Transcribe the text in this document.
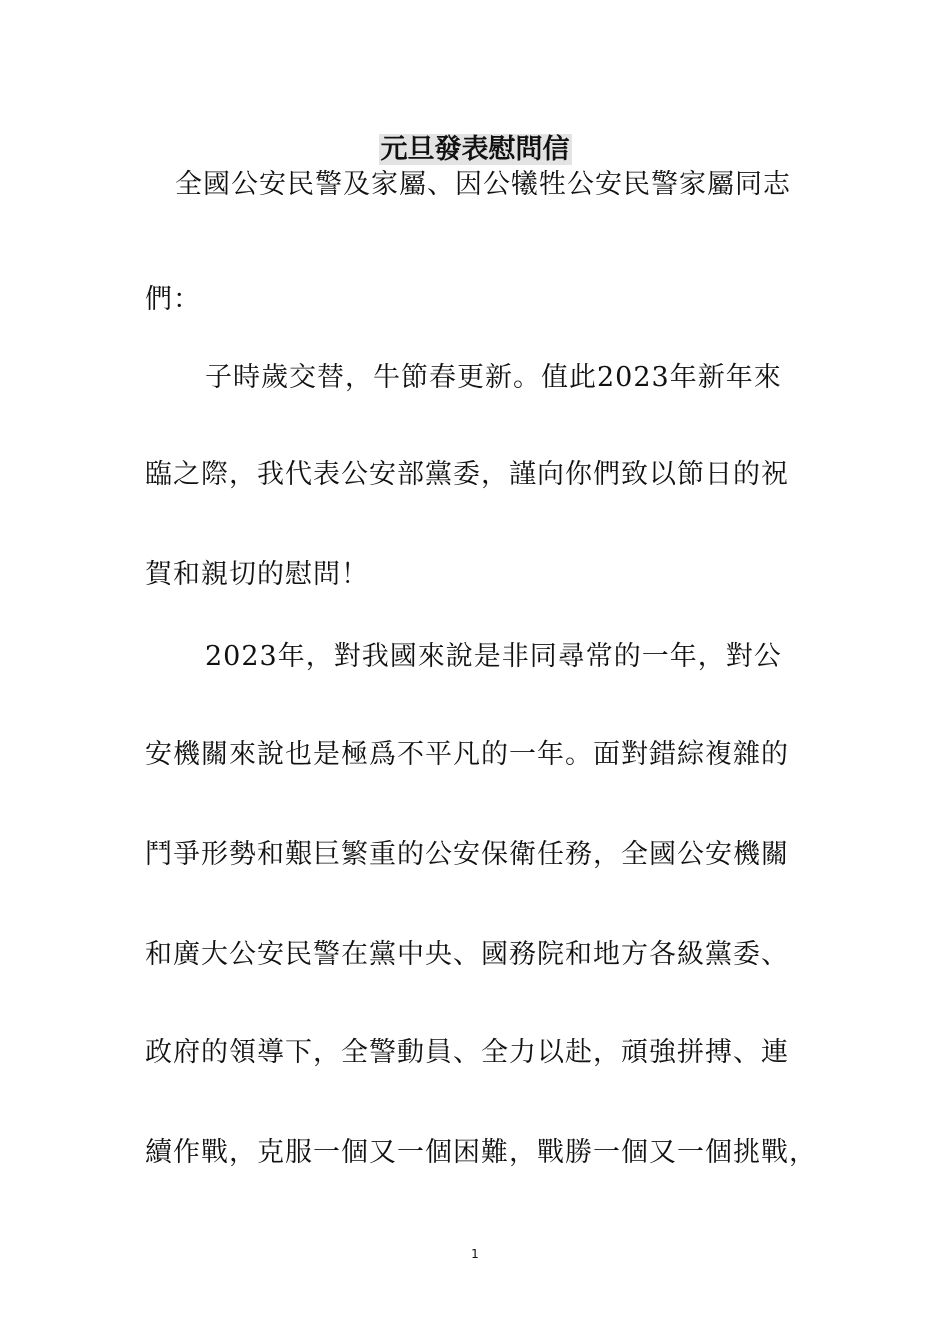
元旦發表慰問信
全國公安民警及家屬、因公犧牲公安民警家屬同志
們：
子時歲交替，牛節春更新。值此2023年新年來
臨之際，我代表公安部黨委，謹向你們致以節日的祝
賀和親切的慰問！
2023年，對我國來說是非同尋常的一年，對公
安機關來說也是極爲不平凡的一年。面對錯綜複雜的
鬥爭形勢和艱巨繁重的公安保衛任務，全國公安機關
和廣大公安民警在黨中央、國務院和地方各級黨委、
政府的領導下，全警動員、全力以赴，頑強拼搏、連
續作戰，克服一個又一個困難，戰勝一個又一個挑戰，
1
